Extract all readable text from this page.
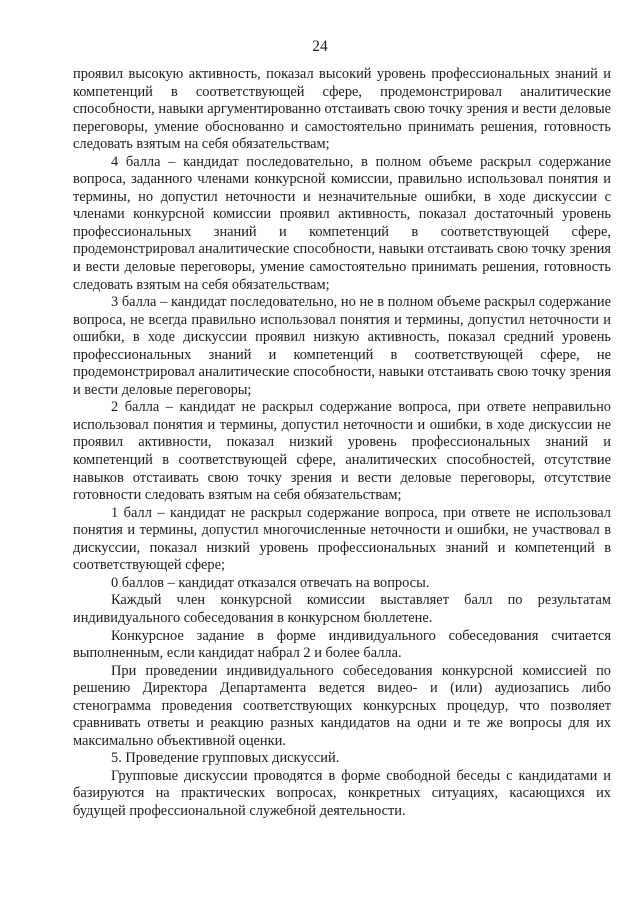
24

проявил высокую активность, показал высокий уровень профессиональных знаний и компетенций в соответствующей сфере, продемонстрировал аналитические способности, навыки аргументированно отстаивать свою точку зрения и вести деловые переговоры, умение обоснованно и самостоятельно принимать решения, готовность следовать взятым на себя обязательствам;

4 балла – кандидат последовательно, в полном объеме раскрыл содержание вопроса, заданного членами конкурсной комиссии, правильно использовал понятия и термины, но допустил неточности и незначительные ошибки, в ходе дискуссии с членами конкурсной комиссии проявил активность, показал достаточный уровень профессиональных знаний и компетенций в соответствующей сфере, продемонстрировал аналитические способности, навыки отстаивать свою точку зрения и вести деловые переговоры, умение самостоятельно принимать решения, готовность следовать взятым на себя обязательствам;

3 балла – кандидат последовательно, но не в полном объеме раскрыл содержание вопроса, не всегда правильно использовал понятия и термины, допустил неточности и ошибки, в ходе дискуссии проявил низкую активность, показал средний уровень профессиональных знаний и компетенций в соответствующей сфере, не продемонстрировал аналитические способности, навыки отстаивать свою точку зрения и вести деловые переговоры;

2 балла – кандидат не раскрыл содержание вопроса, при ответе неправильно использовал понятия и термины, допустил неточности и ошибки, в ходе дискуссии не проявил активности, показал низкий уровень профессиональных знаний и компетенций в соответствующей сфере, аналитических способностей, отсутствие навыков отстаивать свою точку зрения и вести деловые переговоры, отсутствие готовности следовать взятым на себя обязательствам;

1 балл – кандидат не раскрыл содержание вопроса, при ответе не использовал понятия и термины, допустил многочисленные неточности и ошибки, не участвовал в дискуссии, показал низкий уровень профессиональных знаний и компетенций в соответствующей сфере;

0 баллов – кандидат отказался отвечать на вопросы.

Каждый член конкурсной комиссии выставляет балл по результатам индивидуального собеседования в конкурсном бюллетене.

Конкурсное задание в форме индивидуального собеседования считается выполненным, если кандидат набрал 2 и более балла.

При проведении индивидуального собеседования конкурсной комиссией по решению Директора Департамента ведется видео- и (или) аудиозапись либо стенограмма проведения соответствующих конкурсных процедур, что позволяет сравнивать ответы и реакцию разных кандидатов на одни и те же вопросы для их максимально объективной оценки.

5. Проведение групповых дискуссий.

Групповые дискуссии проводятся в форме свободной беседы с кандидатами и базируются на практических вопросах, конкретных ситуациях, касающихся их будущей профессиональной служебной деятельности.
